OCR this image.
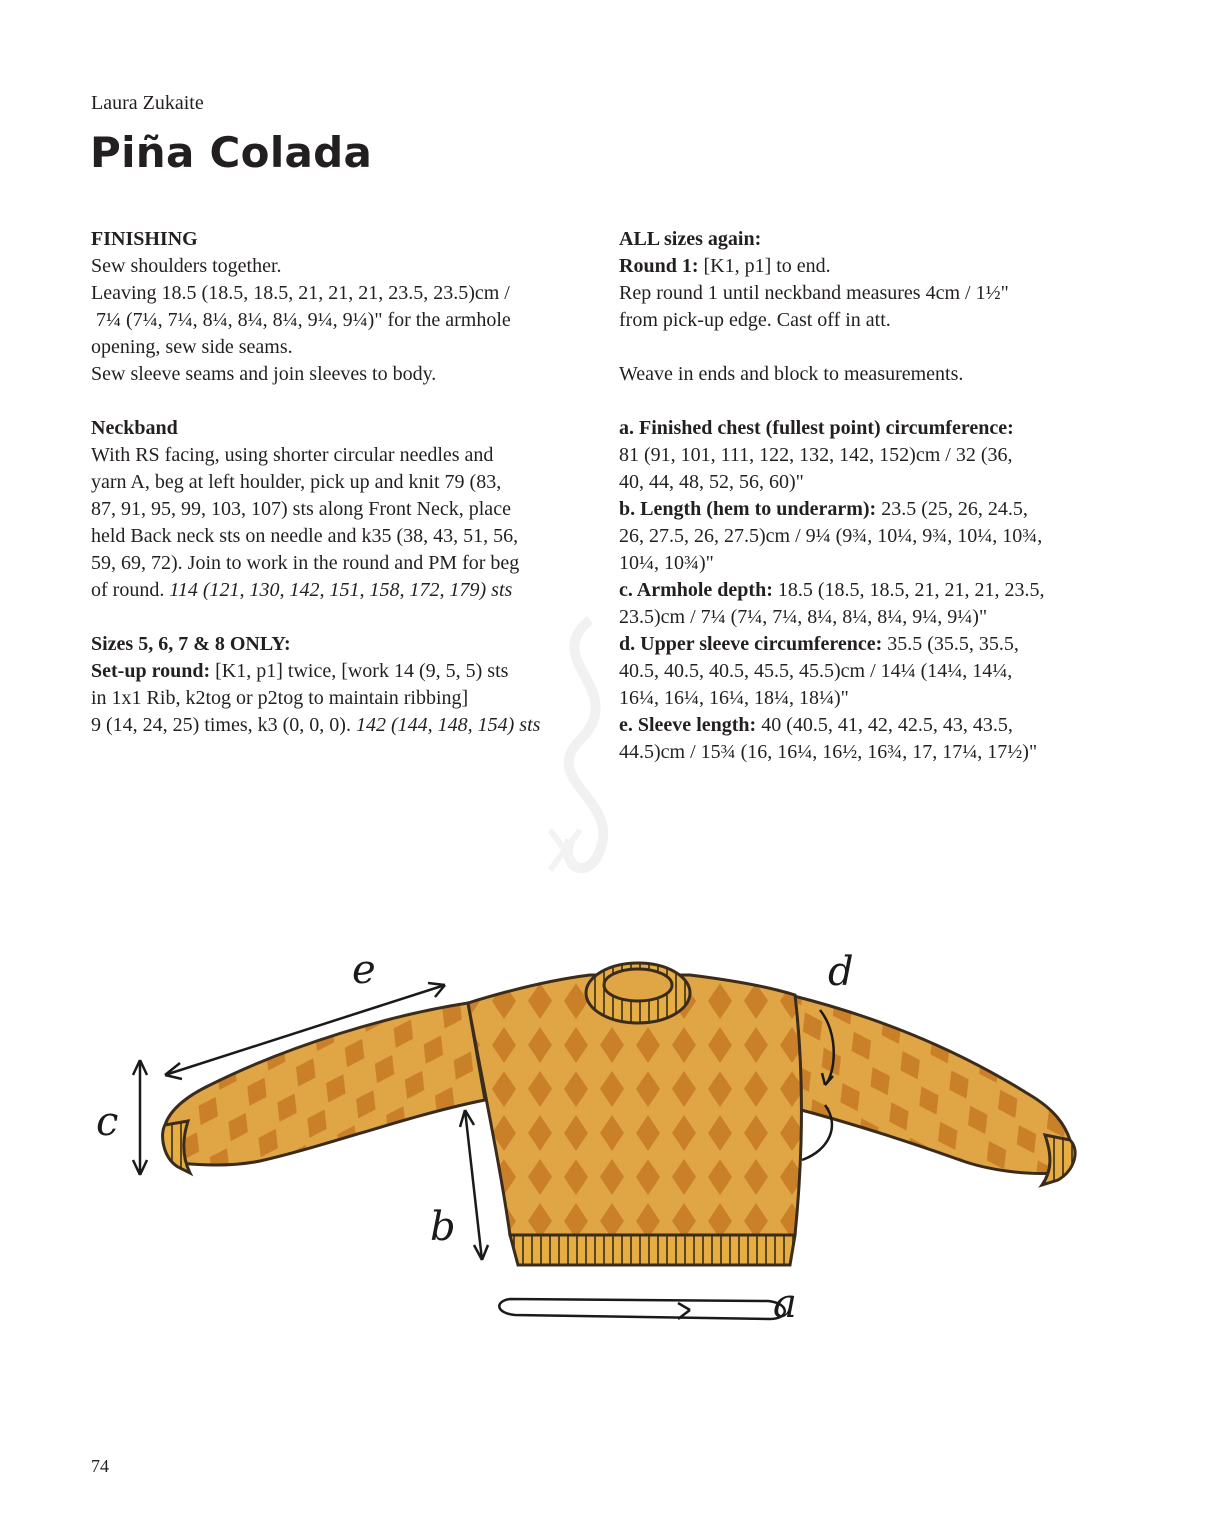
Laura Zukaite
Piña Colada

FINISHING

Sew shoulders together.

Leaving 18.5 (18.5, 18.5, 21, 21, 21, 23.5, 23.5)cm /

7¼ (7¼, 7¼, 8¼, 8¼, 8¼, 9¼, 9¼)" for the armhole

opening, sew side seams.

Sew sleeve seams and join sleeves to body.

Neckband

With RS facing, using shorter circular needles and

yarn A, beg at left houlder, pick up and knit 79 (83,

87, 91, 95, 99, 103, 107) sts along Front Neck, place

held Back neck sts on needle and k35 (38, 43, 51, 56,

59, 69, 72). Join to work in the round and PM for beg

of round. 114 (121, 130, 142, 151, 158, 172, 179) sts

Sizes 5, 6, 7 & 8 ONLY:

Set-up round: [K1, p1] twice, [work 14 (9, 5, 5) sts

in 1x1 Rib, k2tog or p2tog to maintain ribbing]

9 (14, 24, 25) times, k3 (0, 0, 0). 142 (144, 148, 154) sts

ALL sizes again:

Round 1: [K1, p1] to end.

Rep round 1 until neckband measures 4cm / 1½"

from pick-up edge. Cast off in att.

Weave in ends and block to measurements.

a. Finished chest (fullest point) circumference:

81 (91, 101, 111, 122, 132, 142, 152)cm / 32 (36,

40, 44, 48, 52, 56, 60)"

b. Length (hem to underarm): 23.5 (25, 26, 24.5,

26, 27.5, 26, 27.5)cm / 9¼ (9¾, 10¼, 9¾, 10¼, 10¾,

10¼, 10¾)"

c. Armhole depth: 18.5 (18.5, 18.5, 21, 21, 21, 23.5,

23.5)cm / 7¼ (7¼, 7¼, 8¼, 8¼, 8¼, 9¼, 9¼)"

d. Upper sleeve circumference: 35.5 (35.5, 35.5,

40.5, 40.5, 40.5, 45.5, 45.5)cm / 14¼ (14¼, 14¼,

16¼, 16¼, 16¼, 18¼, 18¼)"

e. Sleeve length: 40 (40.5, 41, 42, 42.5, 43, 43.5,

44.5)cm / 15¾ (16, 16¼, 16½, 16¾, 17, 17¼, 17½)"

e
c
d
b
a
74
